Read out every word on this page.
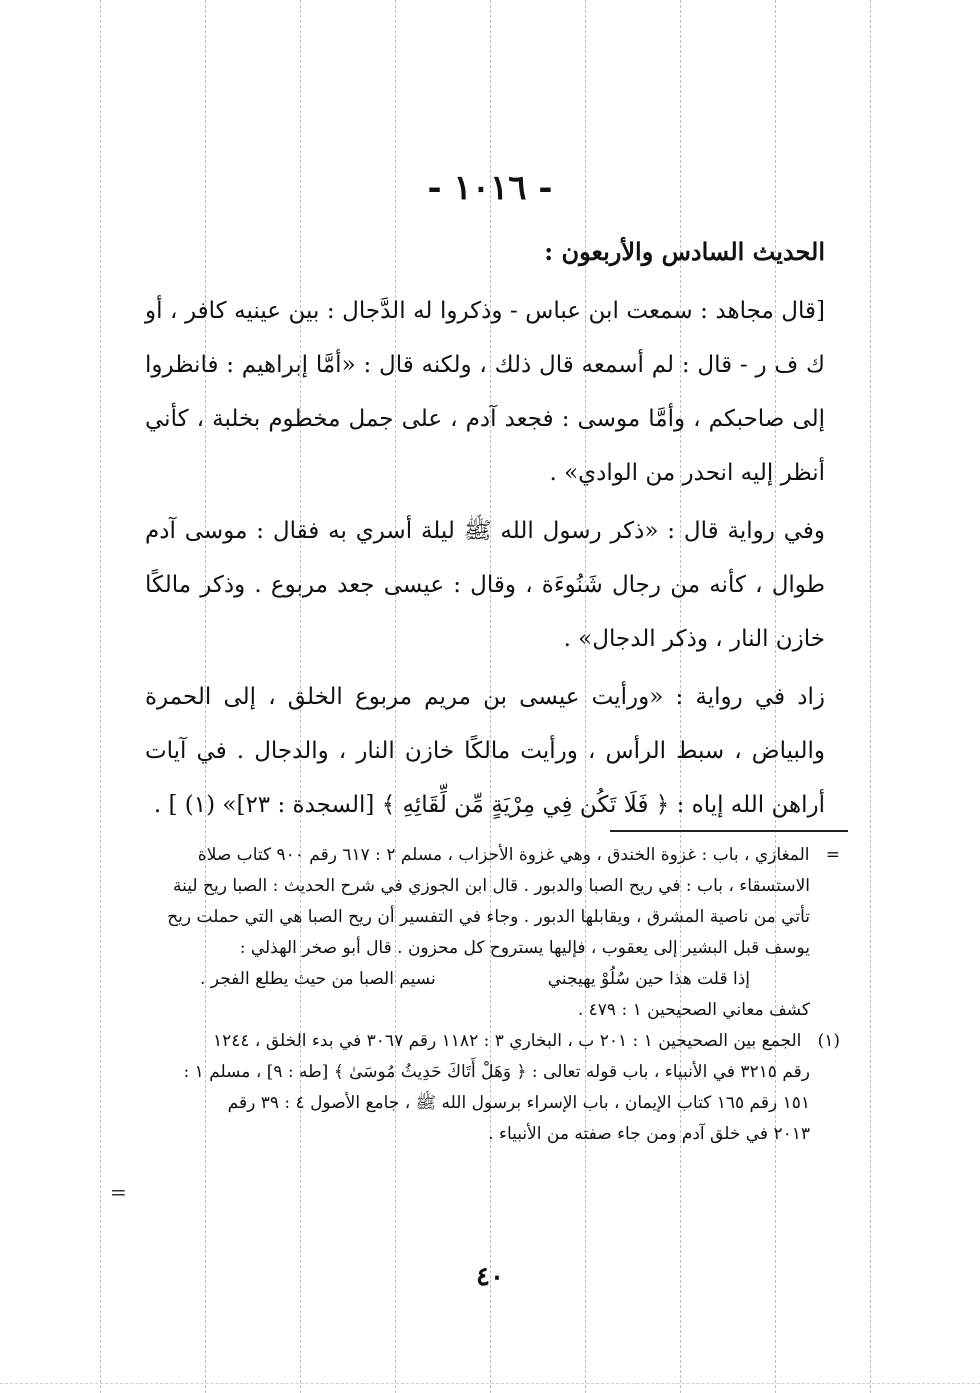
- ١٠١٦ -
الحديث السادس والأربعون :

[قال مجاهد : سمعت ابن عباس - وذكروا له الدَّجال : بين عينيه كافر ، أو ك ف ر - قال : لم أسمعه قال ذلك ، ولكنه قال : «أمَّا إبراهيم : فانظروا إلى صاحبكم ، وأمَّا موسى : فجعد آدم ، على جمل مخطوم بخلبة ، كأني أنظر إليه انحدر من الوادي» .

وفي رواية قال : «ذكر رسول الله ﷺ ليلة أسري به فقال : موسى آدم طوال ، كأنه من رجال شَنُوءَة ، وقال : عيسى جعد مربوع . وذكر مالكًا خازن النار ، وذكر الدجال» .

زاد في رواية : «ورأيت عيسى بن مريم مربوع الخلق ، إلى الحمرة والبياض ، سبط الرأس ، ورأيت مالكًا خازن النار ، والدجال . في آيات أراهن الله إياه : ﴿ فَلَا تَكُن فِي مِرْيَةٍ مِّن لِّقَائِهِ ﴾ [السجدة : ٢٣]» (١) ] .

=   المغازي ، باب : غزوة الخندق ، وهي غزوة الأحزاب ، مسلم ٢ : ٦١٧ رقم ٩٠٠ كتاب صلاة

الاستسقاء ، باب : في ريح الصبا والدبور . قال ابن الجوزي في شرح الحديث : الصبا ريح لينة

تأتي من ناصية المشرق ، ويقابلها الدبور . وجاء في التفسير أن ريح الصبا هي التي حملت ريح

يوسف قبل البشير إلى يعقوب ، فإليها يستروح كل محزون . قال أبو صخر الهذلي :

إذا قلت هذا حين سُلُوْ يهيجني
نسيم الصبا من حيث يطلع الفجر .

كشف معاني الصحيحين ١ : ٤٧٩ .

(١)   الجمع بين الصحيحين ١ : ٢٠١ ب ، البخاري ٣ : ١١٨٢ رقم ٣٠٦٧ في بدء الخلق ، ١٢٤٤

رقم ٣٢١٥ في الأنبياء ، باب قوله تعالى : ﴿ وَهَلْ أَتَاكَ حَدِيثُ مُوسَىٰ ﴾ [طه : ٩] ، مسلم ١ :

١٥١ رقم ١٦٥ كتاب الإيمان ، باب الإسراء برسول الله ﷺ ، جامع الأصول ٤ : ٣٩ رقم

٢٠١٣ في خلق آدم ومن جاء صفته من الأنبياء .

=
٤٠
